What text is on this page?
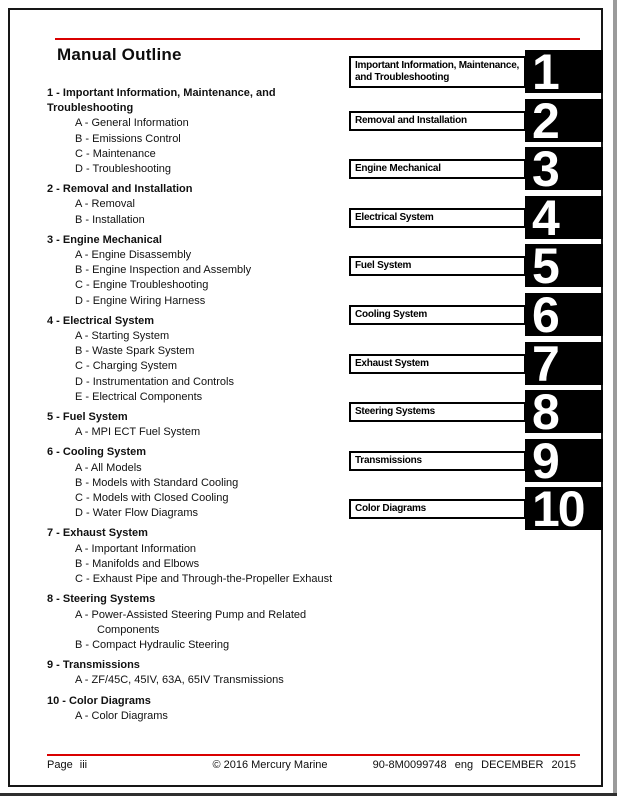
Manual Outline
1 - Important Information, Maintenance, and Troubleshooting
A - General Information
B - Emissions Control
C - Maintenance
D - Troubleshooting
2 - Removal and Installation
A - Removal
B - Installation
3 - Engine Mechanical
A - Engine Disassembly
B - Engine Inspection and Assembly
C - Engine Troubleshooting
D - Engine Wiring Harness
4 - Electrical System
A - Starting System
B - Waste Spark System
C - Charging System
D - Instrumentation and Controls
E - Electrical Components
5 - Fuel System
A - MPI ECT Fuel System
6 - Cooling System
A - All Models
B - Models with Standard Cooling
C - Models with Closed Cooling
D - Water Flow Diagrams
7 - Exhaust System
A - Important Information
B - Manifolds and Elbows
C - Exhaust Pipe and Through-the-Propeller Exhaust
8 - Steering Systems
A - Power-Assisted Steering Pump and Related Components
B - Compact Hydraulic Steering
9 - Transmissions
A - ZF/45C, 45IV, 63A, 65IV Transmissions
10 - Color Diagrams
A - Color Diagrams
Important Information, Maintenance, and Troubleshooting	1
Removal and Installation	2
Engine Mechanical	3
Electrical System	4
Fuel System	5
Cooling System	6
Exhaust System	7
Steering Systems	8
Transmissions	9
Color Diagrams	10
Page iii	© 2016 Mercury Marine	90-8M0099748 eng DECEMBER 2015
